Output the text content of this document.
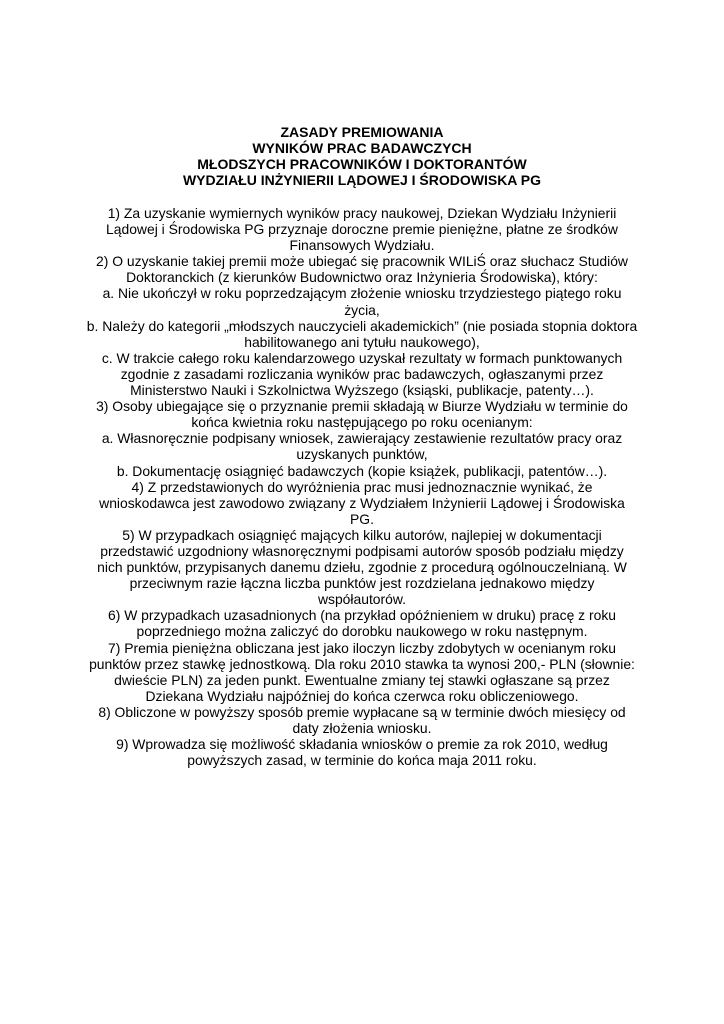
ZASADY PREMIOWANIA
WYNIKÓW PRAC BADAWCZYCH
MŁODSZYCH PRACOWNIKÓW I DOKTORANTÓW
WYDZIAŁU INŻYNIERII LĄDOWEJ I ŚRODOWISKA PG

1) Za uzyskanie wymiernych wyników pracy naukowej, Dziekan Wydziału Inżynierii Lądowej i Środowiska PG przyznaje doroczne premie pieniężne, płatne ze środków Finansowych Wydziału.

2) O uzyskanie takiej premii może ubiegać się pracownik WILiŚ oraz słuchacz Studiów Doktoranckich (z kierunków Budownictwo oraz Inżynieria Środowiska), który:

a. Nie ukończył w roku poprzedzającym złożenie wniosku trzydziestego piątego roku życia,

b. Należy do kategorii „młodszych nauczycieli akademickich” (nie posiada stopnia doktora habilitowanego ani tytułu naukowego),

c. W trakcie całego roku kalendarzowego uzyskał rezultaty w formach punktowanych zgodnie z zasadami rozliczania wyników prac badawczych, ogłaszanymi przez Ministerstwo Nauki i Szkolnictwa Wyższego (ksiąski, publikacje, patenty…).

3) Osoby ubiegające się o przyznanie premii składają w Biurze Wydziału w terminie do końca kwietnia roku następującego po roku ocenianym:

a. Własnoręcznie podpisany wniosek, zawierający zestawienie rezultatów pracy oraz uzyskanych punktów,

b. Dokumentację osiągnięć badawczych (kopie książek, publikacji, patentów…).

4) Z przedstawionych do wyróżnienia prac musi jednoznacznie wynikać, że wnioskodawca jest zawodowo związany z Wydziałem Inżynierii Lądowej i Środowiska PG.

5) W przypadkach osiągnięć mających kilku autorów, najlepiej w dokumentacji przedstawić uzgodniony własnoręcznymi podpisami autorów sposób podziału między nich punktów, przypisanych danemu dziełu, zgodnie z procedurą ogólnouczelnianą. W przeciwnym razie łączna liczba punktów jest rozdzielana jednakowo między współautorów.

6) W przypadkach uzasadnionych (na przykład opóźnieniem w druku) pracę z roku poprzedniego można zaliczyć do dorobku naukowego w roku następnym.

7) Premia pieniężna obliczana jest jako iloczyn liczby zdobytych w ocenianym roku punktów przez stawkę jednostkową. Dla roku 2010 stawka ta wynosi 200,- PLN (słownie: dwieście PLN) za jeden punkt. Ewentualne zmiany tej stawki ogłaszane są przez Dziekana Wydziału najpóźniej do końca czerwca roku obliczeniowego.

8) Obliczone w powyższy sposób premie wypłacane są w terminie dwóch miesięcy od daty złożenia wniosku.

9) Wprowadza się możliwość składania wniosków o premie za rok 2010, według powyższych zasad, w terminie do końca maja 2011 roku.
